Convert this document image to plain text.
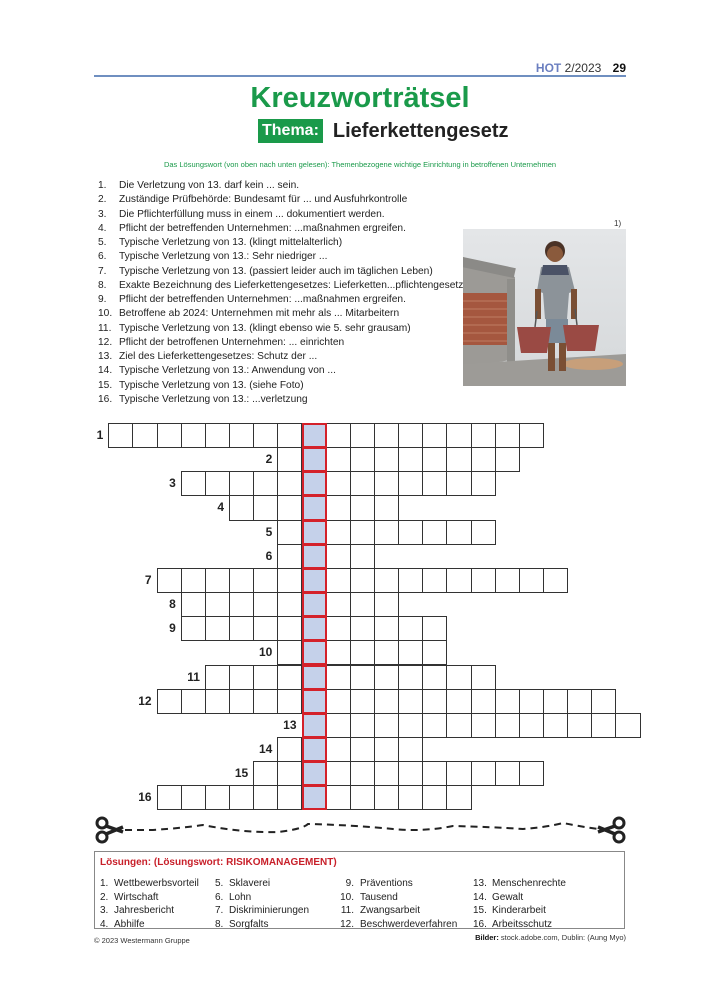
HOT 2/2023 29
Kreuzworträtsel
Thema: Lieferkettengesetz
Das Lösungswort (von oben nach unten gelesen): Themenbezogene wichtige Einrichtung in betroffenen Unternehmen
1.	Die Verletzung von 13. darf kein ... sein.
2.	Zuständige Prüfbehörde: Bundesamt für ... und Ausfuhrkontrolle
3.	Die Pflichterfüllung muss in einem ... dokumentiert werden.
4.	Pflicht der betreffenden Unternehmen: ...maßnahmen ergreifen.
5.	Typische Verletzung von 13. (klingt mittelalterlich)
6.	Typische Verletzung von 13.: Sehr niedriger ...
7.	Typische Verletzung von 13. (passiert leider auch im täglichen Leben)
8.	Exakte Bezeichnung des Lieferkettengesetzes: Lieferketten...pflichtengesetz
9.	Pflicht der betreffenden Unternehmen: ...maßnahmen ergreifen.
10. Betroffene ab 2024: Unternehmen mit mehr als ... Mitarbeitern
11. Typische Verletzung von 13. (klingt ebenso wie 5. sehr grausam)
12. Pflicht der betroffenen Unternehmen: ... einrichten
13. Ziel des Lieferkettengesetzes: Schutz der ...
14. Typische Verletzung von 13.: Anwendung von ...
15. Typische Verletzung von 13. (siehe Foto)
16. Typische Verletzung von 13.: ...verletzung
1)
1
2
3
4
5
6
7
8
9
10
11
12
13
14
15
16
Lösungen: (Lösungswort: RISIKOMANAGEMENT)
1. Wettbewerbsvorteil
2. Wirtschaft
3. Jahresbericht
4. Abhilfe
5. Sklaverei
6. Lohn
7. Diskriminierungen
8. Sorgfalts
9. Präventions
10. Tausend
11. Zwangsarbeit
12. Beschwerdeverfahren
13. Menschenrechte
14. Gewalt
15. Kinderarbeit
16. Arbeitsschutz
© 2023 Westermann Gruppe	Bilder: stock.adobe.com, Dublin: (Aung Myo)
